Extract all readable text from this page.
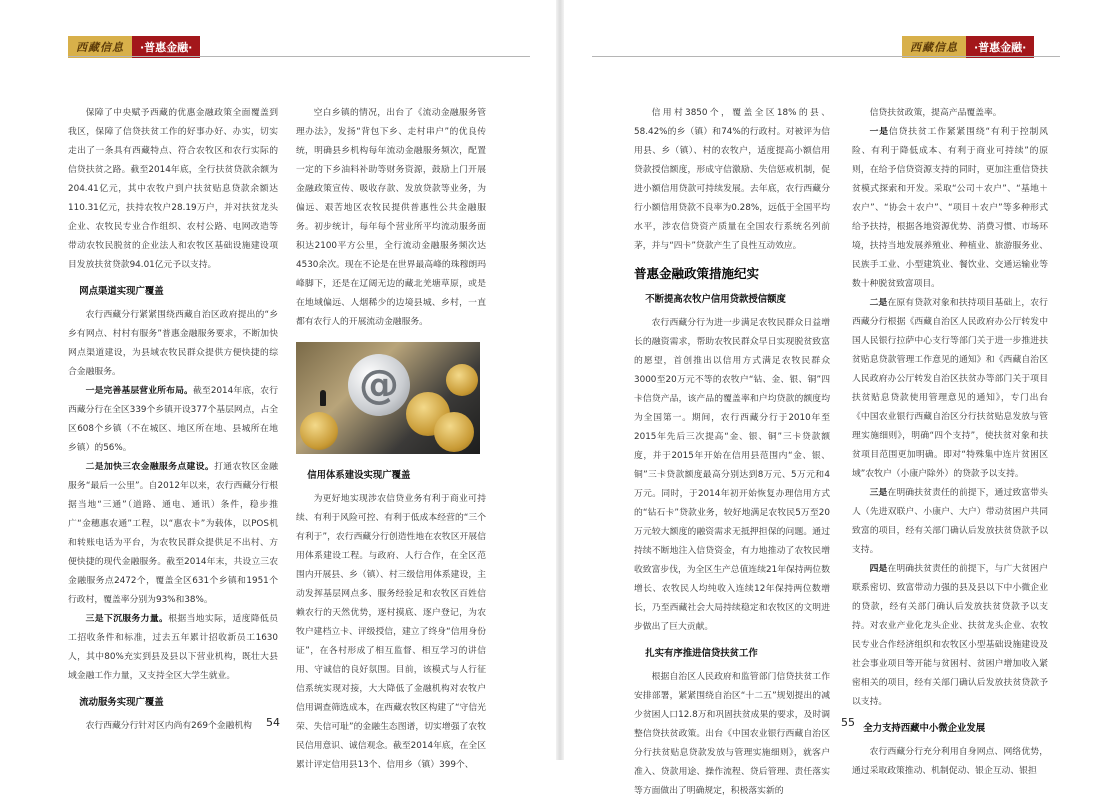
西藏信息	·普惠金融·

保障了中央赋予西藏的优惠金融政策全面覆盖到我区，保障了信贷扶贫工作的好事办好、办实，切实走出了一条具有西藏特点、符合农牧区和农行实际的信贷扶贫之路。截至2014年底，全行扶贫贷款余额为204.41亿元，其中农牧户到户扶贫贴息贷款余额达110.31亿元，扶持农牧户28.19万户，并对扶贫龙头企业、农牧民专业合作组织、农村公路、电网改造等带动农牧民脱贫的企业法人和农牧区基础设施建设项目发放扶贫贷款94.01亿元予以支持。

网点渠道实现广覆盖

农行西藏分行紧紧围绕西藏自治区政府提出的“乡乡有网点、村村有服务”普惠金融服务要求，不断加快网点渠道建设，为县域农牧民群众提供方便快捷的综合金融服务。

一是完善基层营业所布局。截至2014年底，农行西藏分行在全区339个乡镇开设377个基层网点，占全区608个乡镇（不在城区、地区所在地、县城所在地乡镇）的56%。

二是加快三农金融服务点建设。打通农牧区金融服务“最后一公里”。自2012年以来，农行西藏分行根据当地“三通”（道路、通电、通讯）条件，稳步推广“金穗惠农通”工程，以“惠农卡”为载体，以POS机和转账电话为平台，为农牧民群众提供足不出村、方便快捷的现代金融服务。截至2014年末，共设立三农金融服务点2472个，覆盖全区631个乡镇和1951个行政村，覆盖率分别为93%和38%。

三是下沉服务力量。根据当地实际，适度降低员工招收条件和标准，过去五年累计招收新员工1630人，其中80%充实到县及县以下营业机构，既壮大县域金融工作力量，又支持全区大学生就业。

流动服务实现广覆盖

农行西藏分行针对区内尚有269个金融机构

空白乡镇的情况，出台了《流动金融服务管理办法》，发扬“背包下乡、走村串户”的优良传统，明确县乡机构每年流动金融服务频次，配置一定的下乡油料补助等财务资源，鼓励上门开展金融政策宣传、吸收存款、发放贷款等业务，为偏远、艰苦地区农牧民提供普惠性公共金融服务。初步统计，每年每个营业所平均流动服务面积达2100平方公里，全行流动金融服务频次达4530余次。现在不论是在世界最高峰的珠穆朗玛峰脚下，还是在辽阔无边的藏北羌塘草原，或是在地域偏远、人烟稀少的边境县城、乡村，一直都有农行人的开展流动金融服务。

@
信用体系建设实现广覆盖

为更好地实现涉农信贷业务有利于商业可持续、有利于风险可控、有利于低成本经营的“三个有利于”，农行西藏分行创造性地在农牧区开展信用体系建设工程。与政府、人行合作，在全区范围内开展县、乡（镇）、村三级信用体系建设，主动发挥基层网点多、服务经验足和农牧区百姓信赖农行的天然优势，逐村摸底、逐户登记，为农牧户建档立卡、评级授信，建立了终身“信用身份证”，在各村形成了相互监督、相互学习的讲信用、守诚信的良好氛围。目前，该模式与人行征信系统实现对接，大大降低了金融机构对农牧户信用调查筛选成本，在西藏农牧区构建了“守信光荣、失信可耻”的金融生态图谱，切实增强了农牧民信用意识、诚信观念。截至2014年底，在全区累计评定信用县13个、信用乡（镇）399个、

54
西藏信息	·普惠金融·

信用村3850个，覆盖全区18%的县、58.42%的乡（镇）和74%的行政村。对被评为信用县、乡（镇）、村的农牧户，适度提高小额信用贷款授信额度，形成守信激励、失信惩戒机制，促进小额信用贷款可持续发展。去年底，农行西藏分行小额信用贷款不良率为0.28%，远低于全国平均水平，涉农信贷资产质量在全国农行系统名列前茅，并与“四卡”贷款产生了良性互动效应。

普惠金融政策措施纪实
不断提高农牧户信用贷款授信额度

农行西藏分行为进一步满足农牧民群众日益增长的融资需求，帮助农牧民群众早日实现脱贫致富的愿望，首创推出以信用方式满足农牧民群众3000至20万元不等的农牧户“钻、金、银、铜”四卡信贷产品，该产品的覆盖率和户均贷款的额度均为全国第一。期间，农行西藏分行于2010年至2015年先后三次提高“金、银、铜”三卡贷款额度，并于2015年开始在信用县范围内“金、银、铜”三卡贷款额度最高分别达到8万元、5万元和4万元。同时，于2014年初开始恢复办理信用方式的“钻石卡”贷款业务，较好地满足农牧民5万至20万元较大额度的融资需求无抵押担保的问题。通过持续不断地注入信贷资金，有力地推动了农牧民增收致富步伐，为全区生产总值连续21年保持两位数增长、农牧民人均纯收入连续12年保持两位数增长，乃至西藏社会大局持续稳定和农牧区的文明进步做出了巨大贡献。

扎实有序推进信贷扶贫工作

根据自治区人民政府和监管部门信贷扶贫工作安排部署，紧紧围绕自治区“十二五”规划提出的减少贫困人口12.8万和巩固扶贫成果的要求，及时调整信贷扶贫政策。出台《中国农业银行西藏自治区分行扶贫贴息贷款发放与管理实施细则》，就客户准入、贷款用途、操作流程、贷后管理、责任落实等方面做出了明确规定，积极落实新的

信贷扶贫政策，提高产品覆盖率。

一是信贷扶贫工作紧紧围绕“有利于控制风险、有利于降低成本、有利于商业可持续”的原则，在给予信贷资源支持的同时，更加注重信贷扶贫模式探索和开发。采取“公司＋农户”、“基地＋农户”、“协会＋农户”、“项目＋农户”等多种形式给予扶持，根据各地资源优势、消费习惯、市场环境，扶持当地发展养殖业、种植业、旅游服务业、民族手工业、小型建筑业、餐饮业、交通运输业等数十种脱贫致富项目。

二是在原有贷款对象和扶持项目基础上，农行西藏分行根据《西藏自治区人民政府办公厅转发中国人民银行拉萨中心支行等部门关于进一步推进扶贫贴息贷款管理工作意见的通知》和《西藏自治区人民政府办公厅转发自治区扶贫办等部门关于项目扶贫贴息贷款使用管理意见的通知》，专门出台《中国农业银行西藏自治区分行扶贫贴息发放与管理实施细则》，明确“四个支持”，使扶贫对象和扶贫项目范围更加明确。即对“特殊集中连片贫困区域”农牧户（小康户除外）的贷款予以支持。

三是在明确扶贫责任的前提下，通过致富带头人（先进双联户、小康户、大户）带动贫困户共同致富的项目，经有关部门确认后发放扶贫贷款予以支持。

四是在明确扶贫责任的前提下，与广大贫困户联系密切、致富带动力强的县及县以下中小微企业的贷款，经有关部门确认后发放扶贫贷款予以支持。对农业产业化龙头企业、扶贫龙头企业、农牧民专业合作经济组织和农牧区小型基础设施建设及社会事业项目等开能与贫困村、贫困户增加收入紧密相关的项目，经有关部门确认后发放扶贫贷款予以支持。

全力支持西藏中小微企业发展

农行西藏分行充分利用自身网点、网络优势，通过采取政策推动、机制促动、银企互动、银担

55
